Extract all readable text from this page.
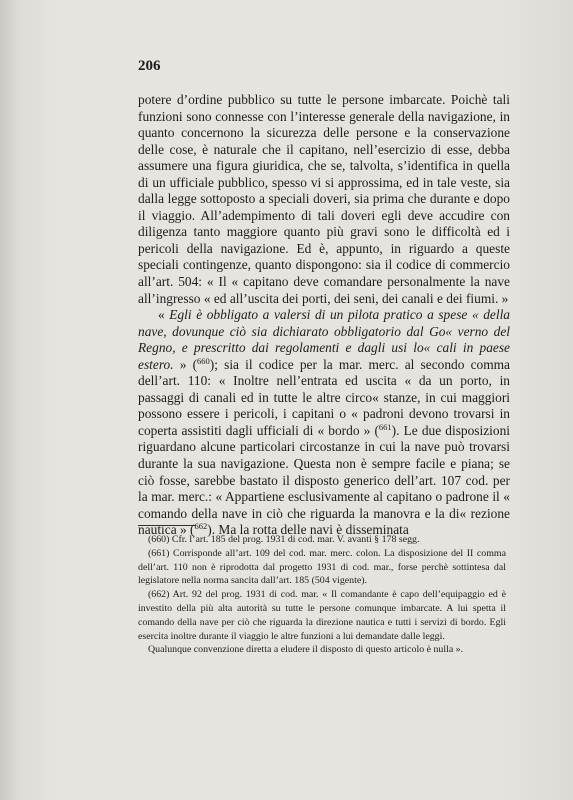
206

potere d’ordine pubblico su tutte le persone imbarcate. Poichè tali funzioni sono connesse con l’interesse generale della navigazione, in quanto concernono la sicurezza delle persone e la conservazione delle cose, è naturale che il capitano, nell’esercizio di esse, debba assumere una figura giuridica, che se, talvolta, s’identifica in quella di un ufficiale pubblico, spesso vi si approssima, ed in tale veste, sia dalla legge sottoposto a speciali doveri, sia prima che durante e dopo il viaggio. All’adempimento di tali doveri egli deve accudire con diligenza tanto maggiore quanto più gravi sono le difficoltà ed i pericoli della navigazione. Ed è, appunto, in riguardo a queste speciali contingenze, quanto dispongono: sia il codice di commercio all’art. 504: « Il « capitano deve comandare personalmente la nave all’ingresso « ed all’uscita dei porti, dei seni, dei canali e dei fiumi. »

« Egli è obbligato a valersi di un pilota pratico a spese « della nave, dovunque ciò sia dichiarato obbligatorio dal Go« verno del Regno, e prescritto dai regolamenti e dagli usi lo« cali in paese estero. » ($^{660}$); sia il codice per la mar. merc. al secondo comma dell’art. 110: « Inoltre nell’entrata ed uscita « da un porto, in passaggi di canali ed in tutte le altre circo« stanze, in cui maggiori possono essere i pericoli, i capitani o « padroni devono trovarsi in coperta assistiti dagli ufficiali di « bordo » ($^{661}$). Le due disposizioni riguardano alcune particolari circostanze in cui la nave può trovarsi durante la sua navigazione. Questa non è sempre facile e piana; se ciò fosse, sarebbe bastato il disposto generico dell’art. 107 cod. per la mar. merc.: « Appartiene esclusivamente al capitano o padrone il « comando della nave in ciò che riguarda la manovra e la di« rezione nautica » ($^{662}$). Ma la rotta delle navi è disseminata

(660) Cfr. l’art. 185 del prog. 1931 di cod. mar. V. avanti § 178 segg.

(661) Corrisponde all’art. 109 del cod. mar. merc. colon. La disposizione del II comma dell’art. 110 non è riprodotta dal progetto 1931 di cod. mar., forse perchè sottintesa dal legislatore nella norma sancita dall’art. 185 (504 vigente).

(662) Art. 92 del prog. 1931 di cod. mar. « Il comandante è capo dell’equipaggio ed è investito della più alta autorità su tutte le persone comunque imbarcate. A lui spetta il comando della nave per ciò che riguarda la direzione nautica e tutti i servizi di bordo. Egli esercita inoltre durante il viaggio le altre funzioni a lui demandate dalle leggi.

Qualunque convenzione diretta a eludere il disposto di questo articolo è nulla ».
